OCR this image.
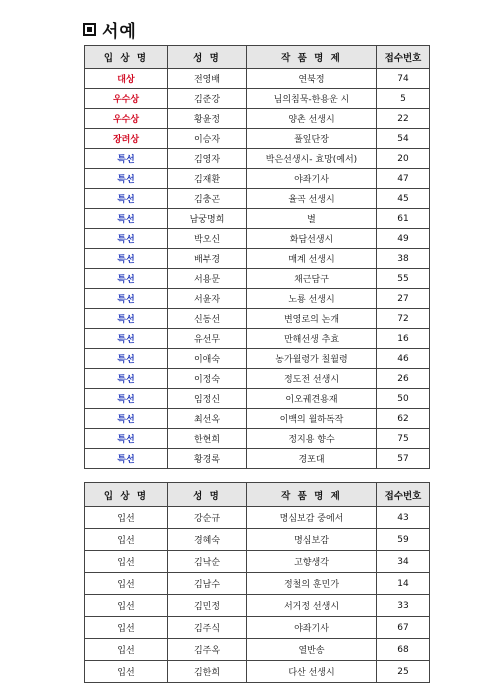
서예
입 상 명	성 명	작 품 명 제	접수번호
대상	전영배	연북정	74
우수상	김준강	님의침묵-한용운 시	5
우수상	황윤정	양촌 선생시	22
장려상	이승자	풀잎단장	54
특선	김영자	박은선생시- 효망(예서)	20
특선	김재환	야좌기사	47
특선	김충곤	율곡 선생시	45
특선	남궁명희	별	61
특선	박오신	화담선생시	49
특선	배부경	매계 선생시	38
특선	서용문	채근담구	55
특선	서윤자	노룡 선생시	27
특선	신동선	변영로의 논개	72
특선	유선무	만해선생 추효	16
특선	이애숙	농가월령가 칠월령	46
특선	이정숙	정도전 선생시	26
특선	임정신	이오궤견용재	50
특선	최선옥	이백의 월하독작	62
특선	한현희	정지용 향수	75
특선	황경록	경포대	57
입 상 명	성 명	작 품 명 제	접수번호
입선	강순규	명심보감 중에서	43
입선	경혜숙	명심보감	59
입선	김낙순	고향생각	34
입선	김남수	정철의 훈민가	14
입선	김민정	서거정 선생시	33
입선	김주식	야좌기사	67
입선	김주옥	열반송	68
입선	김한희	다산 선생시	25
